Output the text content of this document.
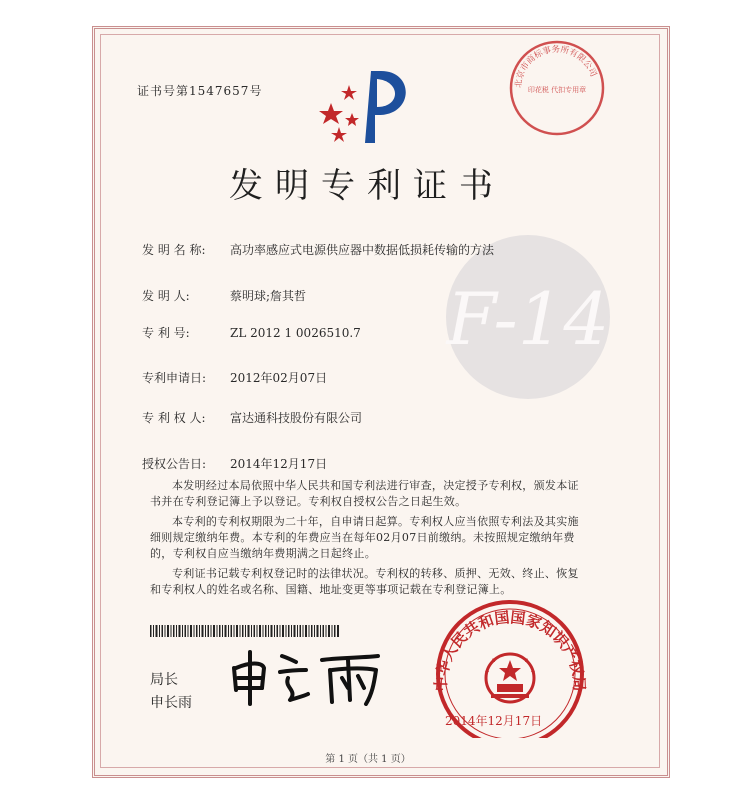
F-14
北京市商标事务所有限公司
印花税 代扣专用章
证书号第1547657号
发明专利证书
发 明 名 称: 高功率感应式电源供应器中数据低损耗传输的方法
发 明 人:	蔡明球;詹其哲
专 利 号:	ZL 2012 1 0026510.7
专利申请日: 2012年02月07日
专 利 权 人: 富达通科技股份有限公司
授权公告日: 2014年12月17日
本发明经过本局依照中华人民共和国专利法进行审查，决定授予专利权，颁发本证书并在专利登记簿上予以登记。专利权自授权公告之日起生效。
本专利的专利权期限为二十年，自申请日起算。专利权人应当依照专利法及其实施细则规定缴纳年费。本专利的年费应当在每年02月07日前缴纳。未按照规定缴纳年费的，专利权自应当缴纳年费期满之日起终止。
专利证书记载专利权登记时的法律状况。专利权的转移、质押、无效、终止、恢复和专利权人的姓名或名称、国籍、地址变更等事项记载在专利登记簿上。
局长
申长雨
中华人民共和国国家知识产权局
2014年12月17日
第 1 页（共 1 页）
